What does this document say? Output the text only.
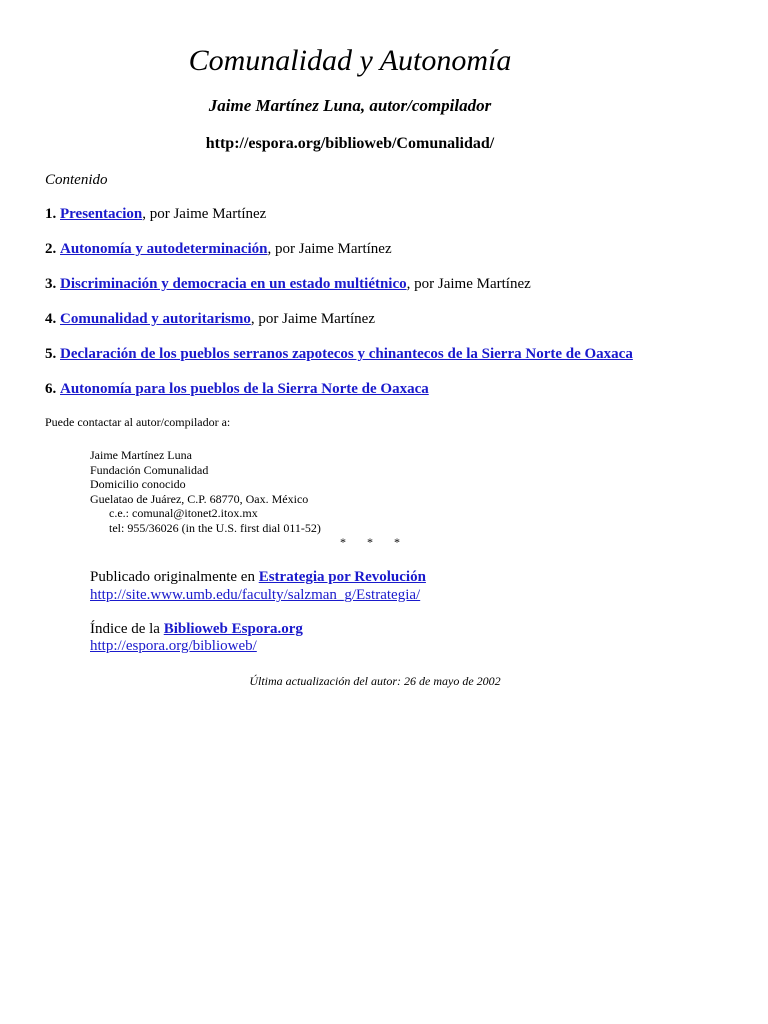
Comunalidad y Autonomía
Jaime Martínez Luna, autor/compilador
http://espora.org/biblioweb/Comunalidad/
Contenido
1. Presentacion, por Jaime Martínez
2. Autonomía y autodeterminación, por Jaime Martínez
3. Discriminación y democracia en un estado multiétnico, por Jaime Martínez
4. Comunalidad y autoritarismo, por Jaime Martínez
5. Declaración de los pueblos serranos zapotecos y chinantecos de la Sierra Norte de Oaxaca
6. Autonomía para los pueblos de la Sierra Norte de Oaxaca
Puede contactar al autor/compilador a:
Jaime Martínez Luna
Fundación Comunalidad
Domicilio conocido
Guelatao de Juárez, C.P. 68770, Oax. México
c.e.: comunal@itonet2.itox.mx
tel: 955/36026 (in the U.S. first dial 011-52)
* * *
Publicado originalmente en Estrategia por Revolución
http://site.www.umb.edu/faculty/salzman_g/Estrategia/
Índice de la Biblioweb Espora.org
http://espora.org/biblioweb/
Última actualización del autor: 26 de mayo de 2002
